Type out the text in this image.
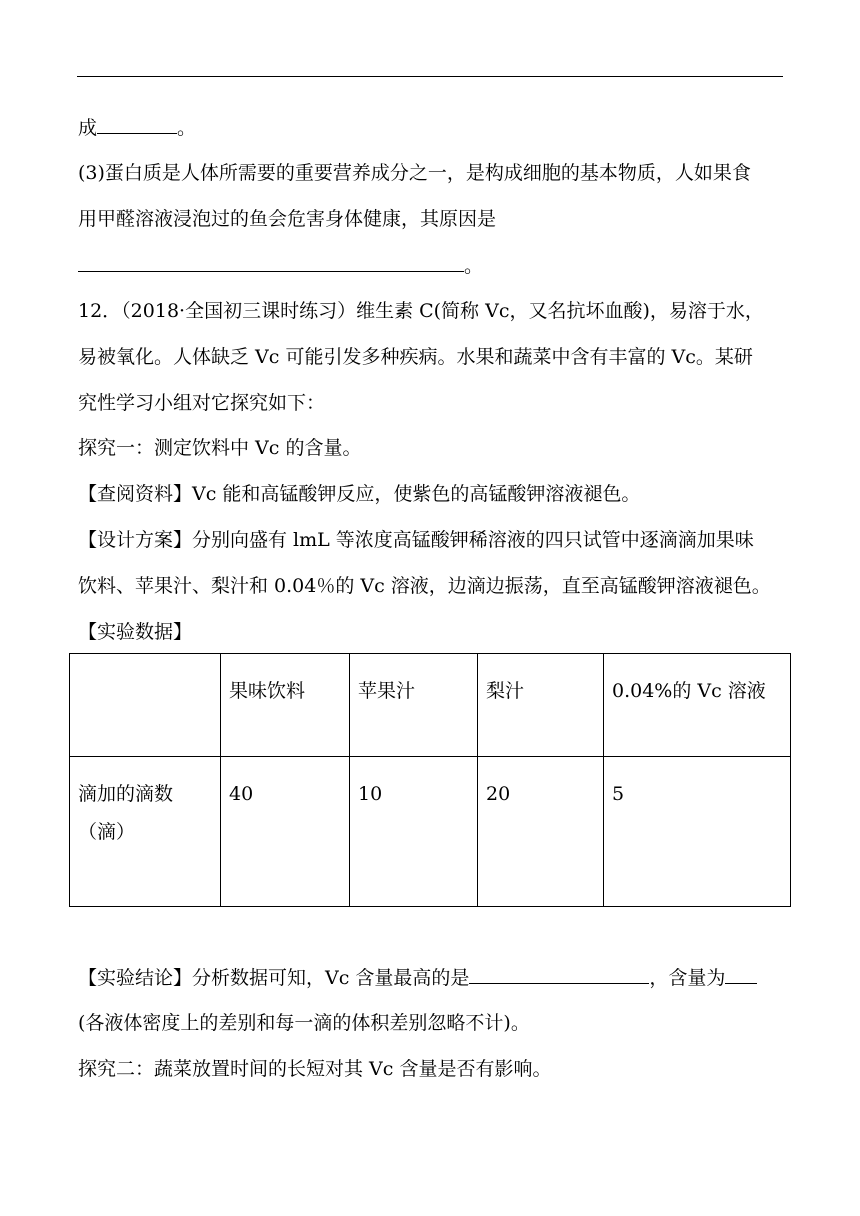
成	。
(3)蛋白质是人体所需要的重要营养成分之一，是构成细胞的基本物质，人如果食
用甲醛溶液浸泡过的鱼会危害身体健康，其原因是
。
12．（2018·全国初三课时练习）维生素 C(简称 Vc，又名抗坏血酸)，易溶于水，
易被氧化。人体缺乏 Vc 可能引发多种疾病。水果和蔬菜中含有丰富的 Vc。某研
究性学习小组对它探究如下：
探究一：测定饮料中 Vc 的含量。
【查阅资料】Vc 能和高锰酸钾反应，使紫色的高锰酸钾溶液褪色。
【设计方案】分别向盛有 lmL 等浓度高锰酸钾稀溶液的四只试管中逐滴滴加果味
饮料、苹果汁、梨汁和 0.04％的 Vc 溶液，边滴边振荡，直至高锰酸钾溶液褪色。
【实验数据】
	果味饮料	苹果汁	梨汁	0.04%的 Vc 溶液

滴加的滴数
（滴）	40	10	20	5
【实验结论】分析数据可知，Vc 含量最高的是	，含量为
(各液体密度上的差别和每一滴的体积差别忽略不计)。
探究二：蔬菜放置时间的长短对其 Vc 含量是否有影响。
